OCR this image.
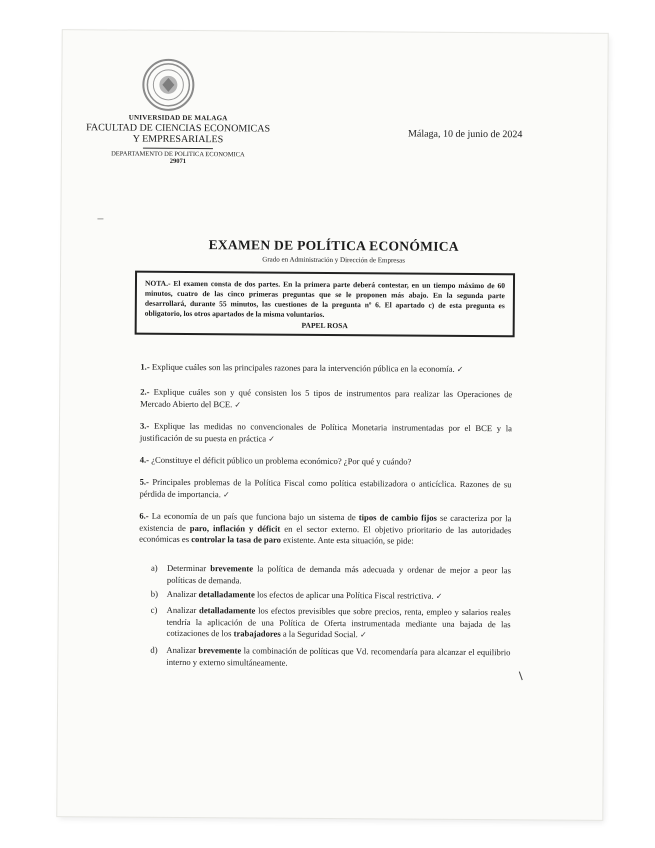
UNIVERSIDAD DE MALAGA
FACULTAD DE CIENCIAS ECONOMICAS
Y EMPRESARIALES
DEPARTAMENTO DE POLITICA ECONOMICA
29071
Málaga, 10 de junio de 2024
EXAMEN DE POLÍTICA ECONÓMICA
Grado en Administración y Dirección de Empresas
NOTA.- El examen consta de dos partes. En la primera parte deberá contestar, en un tiempo máximo de 60 minutos, cuatro de las cinco primeras preguntas que se le proponen más abajo. En la segunda parte desarrollará, durante 55 minutos, las cuestiones de la pregunta nº 6. El apartado c) de esta pregunta es obligatorio, los otros apartados de la misma voluntarios.
PAPEL ROSA
1.- Explique cuáles son las principales razones para la intervención pública en la economía. ✓
2.- Explique cuáles son y qué consisten los 5 tipos de instrumentos para realizar las Operaciones de Mercado Abierto del BCE. ✓
3.- Explique las medidas no convencionales de Política Monetaria instrumentadas por el BCE y la justificación de su puesta en práctica ✓
4.- ¿Constituye el déficit público un problema económico? ¿Por qué y cuándo?
5.- Principales problemas de la Política Fiscal como política estabilizadora o anticíclica. Razones de su pérdida de importancia. ✓
6.- La economía de un país que funciona bajo un sistema de tipos de cambio fijos se caracteriza por la existencia de paro, inflación y déficit en el sector externo. El objetivo prioritario de las autoridades económicas es controlar la tasa de paro existente. Ante esta situación, se pide:
a) Determinar brevemente la política de demanda más adecuada y ordenar de mejor a peor las políticas de demanda.
b) Analizar detalladamente los efectos de aplicar una Política Fiscal restrictiva. ✓
c) Analizar detalladamente los efectos previsibles que sobre precios, renta, empleo y salarios reales tendría la aplicación de una Política de Oferta instrumentada mediante una bajada de las cotizaciones de los trabajadores a la Seguridad Social. ✓
d) Analizar brevemente la combinación de políticas que Vd. recomendaría para alcanzar el equilibrio interno y externo simultáneamente.
